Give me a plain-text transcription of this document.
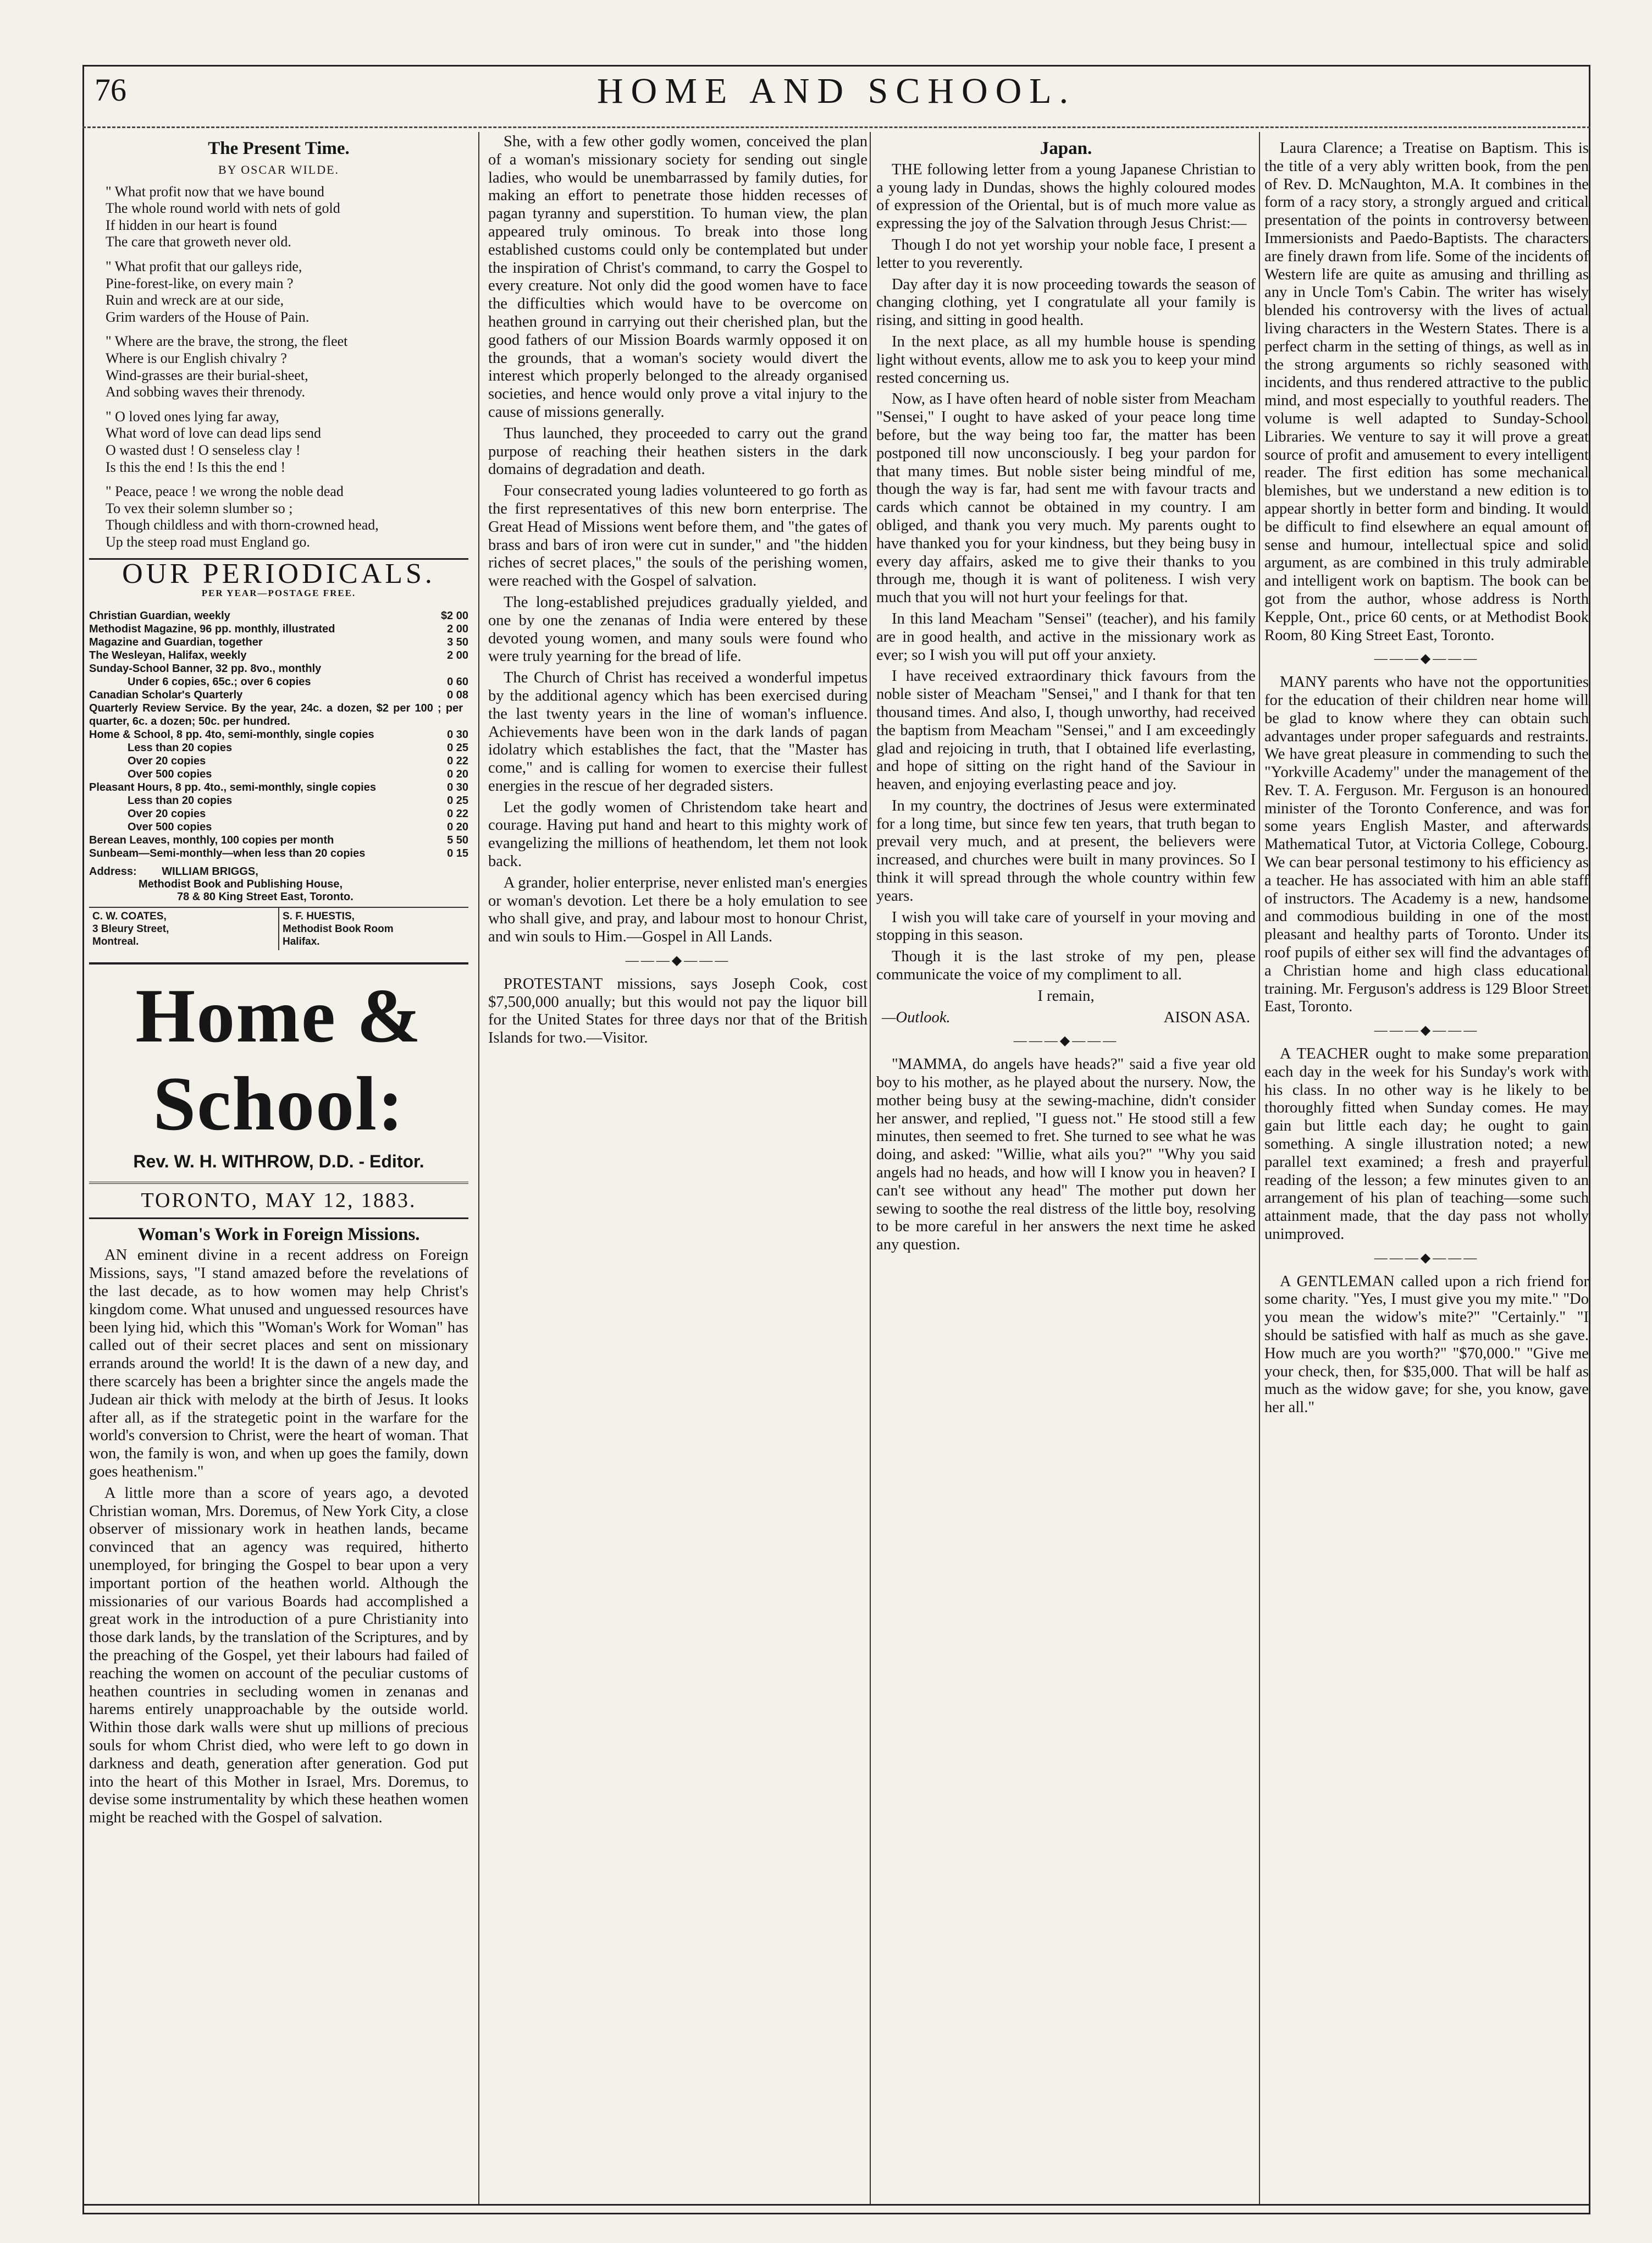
76	HOME AND SCHOOL.
The Present Time.
BY OSCAR WILDE.
" What profit now that we have bound
The whole round world with nets of gold
If hidden in our heart is found
The care that groweth never old.
" What profit that our galleys ride,
Pine-forest-like, on every main ?
Ruin and wreck are at our side,
Grim warders of the House of Pain.
" Where are the brave, the strong, the fleet
Where is our English chivalry ?
Wind-grasses are their burial-sheet,
And sobbing waves their threnody.
" O loved ones lying far away,
What word of love can dead lips send
O wasted dust ! O senseless clay !
Is this the end ! Is this the end !
" Peace, peace ! we wrong the noble dead
To vex their solemn slumber so ;
Though childless and with thorn-crowned head,
Up the steep road must England go.
OUR PERIODICALS.
PER YEAR—POSTAGE FREE.
Christian Guardian, weekly	$2 00
Methodist Magazine, 96 pp. monthly, illustrated	2 00
Magazine and Guardian, together	3 50
The Wesleyan, Halifax, weekly	2 00
Sunday-School Banner, 32 pp. 8vo., monthly
Under 6 copies, 65c.; over 6 copies	0 60
Canadian Scholar's Quarterly	0 08
Quarterly Review Service. By the year, 24c. a dozen, $2 per 100 ; per quarter, 6c. a dozen; 50c. per hundred.
Home & School, 8 pp. 4to, semi-monthly, single copies	0 30
Less than 20 copies	0 25
Over 20 copies	0 22
Over 500 copies	0 20
Pleasant Hours, 8 pp. 4to., semi-monthly, single copies	0 30
Less than 20 copies	0 25
Over 20 copies	0 22
Over 500 copies	0 20
Berean Leaves, monthly, 100 copies per month	5 50
Sunbeam—Semi-monthly—when less than 20 copies	0 15
Address: WILLIAM BRIGGS,
Methodist Book and Publishing House,
78 & 80 King Street East, Toronto.
C. W. COATES,
3 Bleury Street,
Montreal.
S. F. HUESTIS,
Methodist Book Room
Halifax.
Home & School:
Rev. W. H. WITHROW, D.D. - Editor.
TORONTO, MAY 12, 1883.
Woman's Work in Foreign Missions.

AN eminent divine in a recent address on Foreign Missions, says, "I stand amazed before the revelations of the last decade, as to how women may help Christ's kingdom come. What unused and unguessed resources have been lying hid, which this "Woman's Work for Woman" has called out of their secret places and sent on missionary errands around the world! It is the dawn of a new day, and there scarcely has been a brighter since the angels made the Judean air thick with melody at the birth of Jesus. It looks after all, as if the strategetic point in the warfare for the world's conversion to Christ, were the heart of woman. That won, the family is won, and when up goes the family, down goes heathenism."

A little more than a score of years ago, a devoted Christian woman, Mrs. Doremus, of New York City, a close observer of missionary work in heathen lands, became convinced that an agency was required, hitherto unemployed, for bringing the Gospel to bear upon a very important portion of the heathen world. Although the missionaries of our various Boards had accomplished a great work in the introduction of a pure Christianity into those dark lands, by the translation of the Scriptures, and by the preaching of the Gospel, yet their labours had failed of reaching the women on account of the peculiar customs of heathen countries in secluding women in zenanas and harems entirely unapproachable by the outside world. Within those dark walls were shut up millions of precious souls for whom Christ died, who were left to go down in darkness and death, generation after generation. God put into the heart of this Mother in Israel, Mrs. Doremus, to devise some instrumentality by which these heathen women might be reached with the Gospel of salvation.

She, with a few other godly women, conceived the plan of a woman's missionary society for sending out single ladies, who would be unembarrassed by family duties, for making an effort to penetrate those hidden recesses of pagan tyranny and superstition. To human view, the plan appeared truly ominous. To break into those long established customs could only be contemplated but under the inspiration of Christ's command, to carry the Gospel to every creature. Not only did the good women have to face the difficulties which would have to be overcome on heathen ground in carrying out their cherished plan, but the good fathers of our Mission Boards warmly opposed it on the grounds, that a woman's society would divert the interest which properly belonged to the already organised societies, and hence would only prove a vital injury to the cause of missions generally.

Thus launched, they proceeded to carry out the grand purpose of reaching their heathen sisters in the dark domains of degradation and death.

Four consecrated young ladies volunteered to go forth as the first representatives of this new born enterprise. The Great Head of Missions went before them, and "the gates of brass and bars of iron were cut in sunder," and "the hidden riches of secret places," the souls of the perishing women, were reached with the Gospel of salvation.

The long-established prejudices gradually yielded, and one by one the zenanas of India were entered by these devoted young women, and many souls were found who were truly yearning for the bread of life.

The Church of Christ has received a wonderful impetus by the additional agency which has been exercised during the last twenty years in the line of woman's influence. Achievements have been won in the dark lands of pagan idolatry which establishes the fact, that the "Master has come," and is calling for women to exercise their fullest energies in the rescue of her degraded sisters.

Let the godly women of Christendom take heart and courage. Having put hand and heart to this mighty work of evangelizing the millions of heathendom, let them not look back.

A grander, holier enterprise, never enlisted man's energies or woman's devotion. Let there be a holy emulation to see who shall give, and pray, and labour most to honour Christ, and win souls to Him.—Gospel in All Lands.

———◆———

PROTESTANT missions, says Joseph Cook, cost $7,500,000 anually; but this would not pay the liquor bill for the United States for three days nor that of the British Islands for two.—Visitor.

Japan.

THE following letter from a young Japanese Christian to a young lady in Dundas, shows the highly coloured modes of expression of the Oriental, but is of much more value as expressing the joy of the Salvation through Jesus Christ:—

Though I do not yet worship your noble face, I present a letter to you reverently.

Day after day it is now proceeding towards the season of changing clothing, yet I congratulate all your family is rising, and sitting in good health.

In the next place, as all my humble house is spending light without events, allow me to ask you to keep your mind rested concerning us.

Now, as I have often heard of noble sister from Meacham "Sensei," I ought to have asked of your peace long time before, but the way being too far, the matter has been postponed till now unconsciously. I beg your pardon for that many times. But noble sister being mindful of me, though the way is far, had sent me with favour tracts and cards which cannot be obtained in my country. I am obliged, and thank you very much. My parents ought to have thanked you for your kindness, but they being busy in every day affairs, asked me to give their thanks to you through me, though it is want of politeness. I wish very much that you will not hurt your feelings for that.

In this land Meacham "Sensei" (teacher), and his family are in good health, and active in the missionary work as ever; so I wish you will put off your anxiety.

I have received extraordinary thick favours from the noble sister of Meacham "Sensei," and I thank for that ten thousand times. And also, I, though unworthy, had received the baptism from Meacham "Sensei," and I am exceedingly glad and rejoicing in truth, that I obtained life everlasting, and hope of sitting on the right hand of the Saviour in heaven, and enjoying everlasting peace and joy.

In my country, the doctrines of Jesus were exterminated for a long time, but since few ten years, that truth began to prevail very much, and at present, the believers were increased, and churches were built in many provinces. So I think it will spread through the whole country within few years.

I wish you will take care of yourself in your moving and stopping in this season.

Though it is the last stroke of my pen, please communicate the voice of my compliment to all.

I remain,
—Outlook.	AISON ASA.
———◆———

"MAMMA, do angels have heads?" said a five year old boy to his mother, as he played about the nursery. Now, the mother being busy at the sewing-machine, didn't consider her answer, and replied, "I guess not." He stood still a few minutes, then seemed to fret. She turned to see what he was doing, and asked: "Willie, what ails you?" "Why you said angels had no heads, and how will I know you in heaven? I can't see without any head" The mother put down her sewing to soothe the real distress of the little boy, resolving to be more careful in her answers the next time he asked any question.

Laura Clarence; a Treatise on Baptism. This is the title of a very ably written book, from the pen of Rev. D. McNaughton, M.A. It combines in the form of a racy story, a strongly argued and critical presentation of the points in controversy between Immersionists and Paedo-Baptists. The characters are finely drawn from life. Some of the incidents of Western life are quite as amusing and thrilling as any in Uncle Tom's Cabin. The writer has wisely blended his controversy with the lives of actual living characters in the Western States. There is a perfect charm in the setting of things, as well as in the strong arguments so richly seasoned with incidents, and thus rendered attractive to the public mind, and most especially to youthful readers. The volume is well adapted to Sunday-School Libraries. We venture to say it will prove a great source of profit and amusement to every intelligent reader. The first edition has some mechanical blemishes, but we understand a new edition is to appear shortly in better form and binding. It would be difficult to find elsewhere an equal amount of sense and humour, intellectual spice and solid argument, as are combined in this truly admirable and intelligent work on baptism. The book can be got from the author, whose address is North Kepple, Ont., price 60 cents, or at Methodist Book Room, 80 King Street East, Toronto.

———◆———

MANY parents who have not the opportunities for the education of their children near home will be glad to know where they can obtain such advantages under proper safeguards and restraints. We have great pleasure in commending to such the "Yorkville Academy" under the management of the Rev. T. A. Ferguson. Mr. Ferguson is an honoured minister of the Toronto Conference, and was for some years English Master, and afterwards Mathematical Tutor, at Victoria College, Cobourg. We can bear personal testimony to his efficiency as a teacher. He has associated with him an able staff of instructors. The Academy is a new, handsome and commodious building in one of the most pleasant and healthy parts of Toronto. Under its roof pupils of either sex will find the advantages of a Christian home and high class educational training. Mr. Ferguson's address is 129 Bloor Street East, Toronto.

———◆———

A TEACHER ought to make some preparation each day in the week for his Sunday's work with his class. In no other way is he likely to be thoroughly fitted when Sunday comes. He may gain but little each day; he ought to gain something. A single illustration noted; a new parallel text examined; a fresh and prayerful reading of the lesson; a few minutes given to an arrangement of his plan of teaching—some such attainment made, that the day pass not wholly unimproved.

———◆———

A GENTLEMAN called upon a rich friend for some charity. "Yes, I must give you my mite." "Do you mean the widow's mite?" "Certainly." "I should be satisfied with half as much as she gave. How much are you worth?" "$70,000." "Give me your check, then, for $35,000. That will be half as much as the widow gave; for she, you know, gave her all."
